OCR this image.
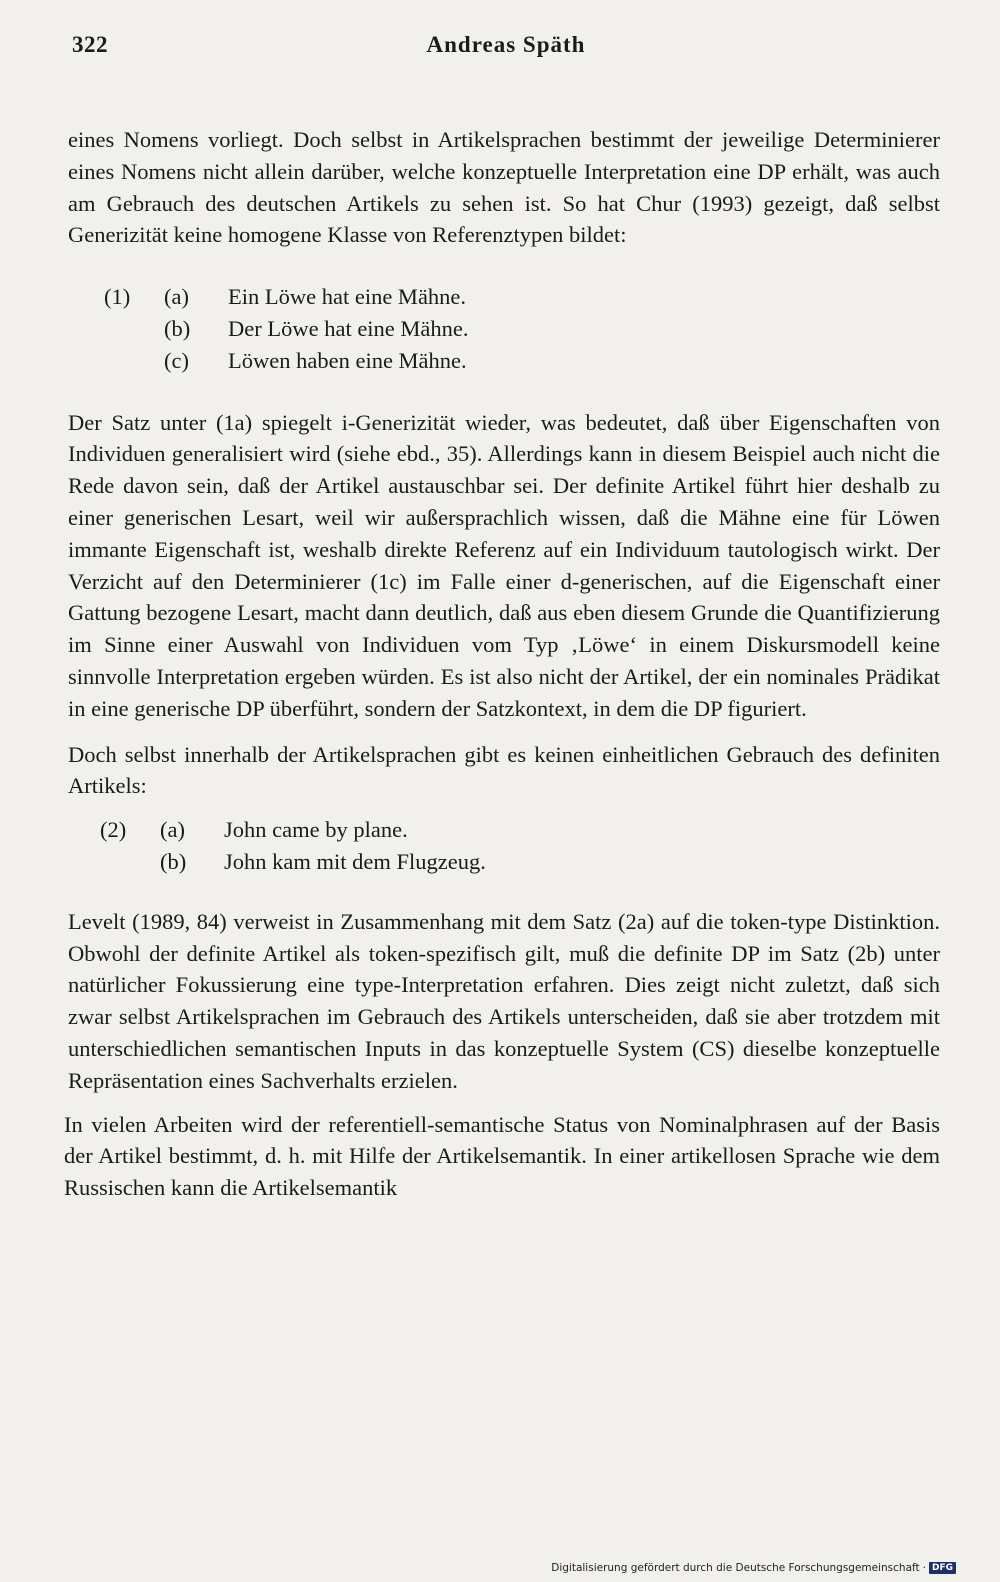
322	Andreas Späth

eines Nomens vorliegt. Doch selbst in Artikelsprachen bestimmt der jeweilige Determinierer eines Nomens nicht allein darüber, welche konzeptuelle Interpretation eine DP erhält, was auch am Gebrauch des deutschen Artikels zu sehen ist. So hat Chur (1993) gezeigt, daß selbst Generizität keine homogene Klasse von Referenztypen bildet:

(1) (a) Ein Löwe hat eine Mähne.
(b) Der Löwe hat eine Mähne.
(c) Löwen haben eine Mähne.

Der Satz unter (1a) spiegelt i-Generizität wieder, was bedeutet, daß über Eigenschaften von Individuen generalisiert wird (siehe ebd., 35). Allerdings kann in diesem Beispiel auch nicht die Rede davon sein, daß der Artikel austauschbar sei. Der definite Artikel führt hier deshalb zu einer generischen Lesart, weil wir außersprachlich wissen, daß die Mähne eine für Löwen immante Eigenschaft ist, weshalb direkte Referenz auf ein Individuum tautologisch wirkt. Der Verzicht auf den Determinierer (1c) im Falle einer d-generischen, auf die Eigenschaft einer Gattung bezogene Lesart, macht dann deutlich, daß aus eben diesem Grunde die Quantifizierung im Sinne einer Auswahl von Individuen vom Typ ‚Löwe‘ in einem Diskursmodell keine sinnvolle Interpretation ergeben würden. Es ist also nicht der Artikel, der ein nominales Prädikat in eine generische DP überführt, sondern der Satzkontext, in dem die DP figuriert.

Doch selbst innerhalb der Artikelsprachen gibt es keinen einheitlichen Gebrauch des definiten Artikels:

(2) (a) John came by plane.
(b) John kam mit dem Flugzeug.

Levelt (1989, 84) verweist in Zusammenhang mit dem Satz (2a) auf die token-type Distinktion. Obwohl der definite Artikel als token-spezifisch gilt, muß die definite DP im Satz (2b) unter natürlicher Fokussierung eine type-Interpretation erfahren. Dies zeigt nicht zuletzt, daß sich zwar selbst Artikelsprachen im Gebrauch des Artikels unterscheiden, daß sie aber trotzdem mit unterschiedlichen semantischen Inputs in das konzeptuelle System (CS) dieselbe konzeptuelle Repräsentation eines Sachverhalts erzielen.

In vielen Arbeiten wird der referentiell-semantische Status von Nominalphrasen auf der Basis der Artikel bestimmt, d. h. mit Hilfe der Artikelsemantik. In einer artikellosen Sprache wie dem Russischen kann die Artikelsemantik

Digitalisierung gefördert durch die Deutsche Forschungsgemeinschaft · DFG
